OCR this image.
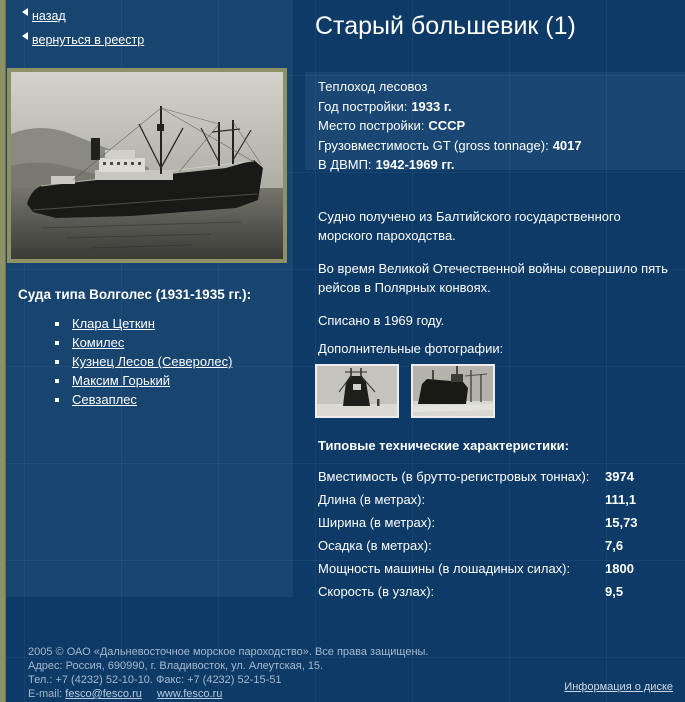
назад
вернуться в реестр
Суда типа Волголес (1931-1935 гг.):
Клара Цеткин
Комилес
Кузнец Лесов (Северолес)
Максим Горький
Севзаплес
Старый большевик (1)
Теплоход лесовоз
Год постройки: 1933 г.
Место постройки: СССР
Грузовместимость GT (gross tonnage): 4017
В ДВМП: 1942-1969 гг.

Судно получено из Балтийского государственного морского пароходства.

Во время Великой Отечественной войны совершило пять рейсов в Полярных конвоях.

Списано в 1969 году.

Дополнительные фотографии:

Типовые технические характеристики:
Вместимость (в брутто-регистровых тоннах): 3974
Длина (в метрах):	111,1
Ширина (в метрах):	15,73
Осадка (в метрах):	7,6
Мощность машины (в лошадиных силах):	1800
Скорость (в узлах):	9,5
2005 © ОАО «Дальневосточное морское пароходство». Все права защищены.
Адрес: Россия, 690990, г. Владивосток, ул. Алеутская, 15.
Тел.: +7 (4232) 52-10-10. Факс: +7 (4232) 52-15-51
E-mail: fesco@fesco.ru www.fesco.ru
Информация о диске
